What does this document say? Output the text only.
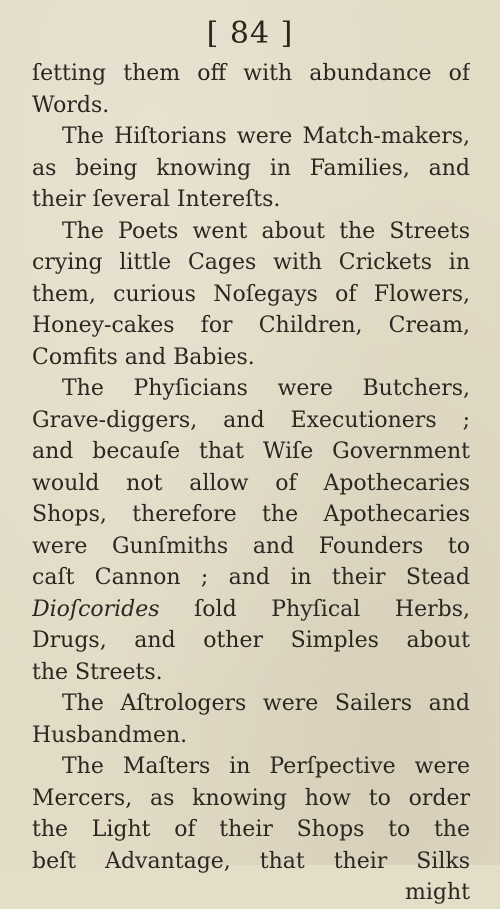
[ 84 ]
ſetting them off with abundance of
Words.
The Hiſtorians were Match-makers,
as being knowing in Families, and
their ſeveral Intereſts.
The Poets went about the Streets
crying little Cages with Crickets in
them, curious Noſegays of Flowers,
Honey-cakes for Children, Cream,
Comfits and Babies.
The Phyſicians were Butchers,
Grave-diggers, and Executioners ;
and becauſe that Wiſe Government
would not allow of Apothecaries
Shops, therefore the Apothecaries
were Gunſmiths and Founders to
caſt Cannon ; and in their Stead
Dioſcorides ſold Phyſical Herbs,
Drugs, and other Simples about
the Streets.
The Aſtrologers were Sailers and
Husbandmen.
The Maſters in Perſpective were
Mercers, as knowing how to order
the Light of their Shops to the
beſt Advantage, that their Silks
might
